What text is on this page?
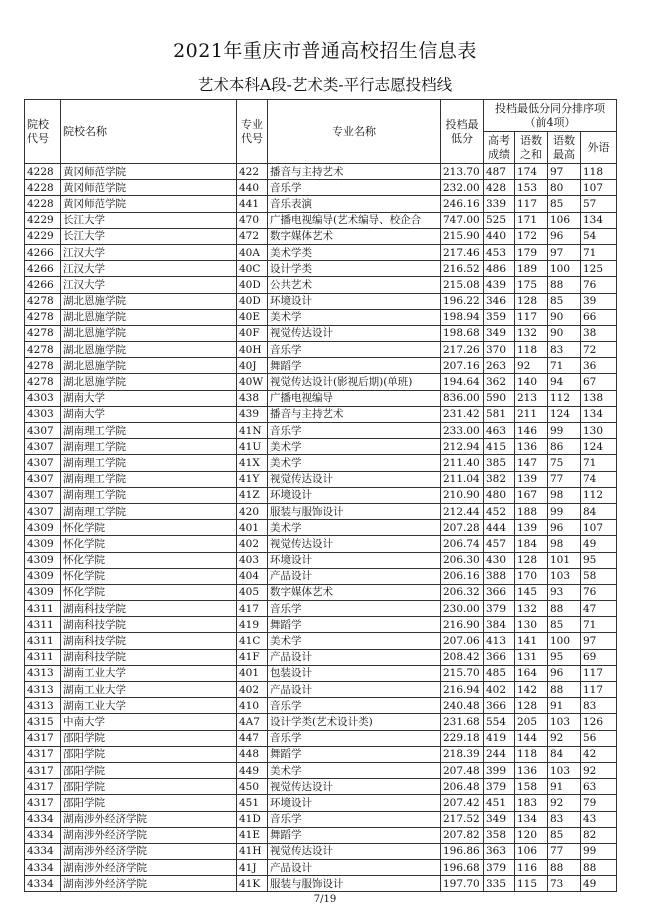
2021年重庆市普通高校招生信息表
艺术本科A段-艺术类-平行志愿投档线
院校代号	院校名称	专业代号	专业名称	投档最低分	投档最低分同分排序项（前4项）			
					高考成绩	语数之和	语数最高	外语
4228	黄冈师范学院	422	播音与主持艺术	213.70	487	174	97	118
4228	黄冈师范学院	440	音乐学	232.00	428	153	80	107
4228	黄冈师范学院	441	音乐表演	246.16	339	117	85	57
4229	长江大学	470	广播电视编导(艺术编导、校企合	747.00	525	171	106	134
4229	长江大学	472	数字媒体艺术	215.90	440	172	96	54
4266	江汉大学	40A	美术学类	217.46	453	179	97	71
4266	江汉大学	40C	设计学类	216.52	486	189	100	125
4266	江汉大学	40D	公共艺术	215.08	439	175	88	76
4278	湖北恩施学院	40D	环境设计	196.22	346	128	85	39
4278	湖北恩施学院	40E	美术学	198.94	359	117	90	66
4278	湖北恩施学院	40F	视觉传达设计	198.68	349	132	90	38
4278	湖北恩施学院	40H	音乐学	217.26	370	118	83	72
4278	湖北恩施学院	40J	舞蹈学	207.16	263	92	71	36
4278	湖北恩施学院	40W	视觉传达设计(影视后期)(单班)	194.64	362	140	94	67
4303	湖南大学	438	广播电视编导	836.00	590	213	112	138
4303	湖南大学	439	播音与主持艺术	231.42	581	211	124	134
4307	湖南理工学院	41N	音乐学	233.00	463	146	99	130
4307	湖南理工学院	41U	美术学	212.94	415	136	86	124
4307	湖南理工学院	41X	美术学	211.40	385	147	75	71
4307	湖南理工学院	41Y	视觉传达设计	211.04	382	139	77	74
4307	湖南理工学院	41Z	环境设计	210.90	480	167	98	112
4307	湖南理工学院	420	服装与服饰设计	212.44	452	188	99	84
4309	怀化学院	401	美术学	207.28	444	139	96	107
4309	怀化学院	402	视觉传达设计	206.74	457	184	98	49
4309	怀化学院	403	环境设计	206.30	430	128	101	95
4309	怀化学院	404	产品设计	206.16	388	170	103	58
4309	怀化学院	405	数字媒体艺术	206.32	366	145	93	76
4311	湖南科技学院	417	音乐学	230.00	379	132	88	47
4311	湖南科技学院	419	舞蹈学	216.90	384	130	85	71
4311	湖南科技学院	41C	美术学	207.06	413	141	100	97
4311	湖南科技学院	41F	产品设计	208.42	366	131	95	69
4313	湖南工业大学	401	包装设计	215.70	485	164	96	117
4313	湖南工业大学	402	产品设计	216.94	402	142	88	117
4313	湖南工业大学	410	音乐学	240.48	366	128	91	83
4315	中南大学	4A7	设计学类(艺术设计类)	231.68	554	205	103	126
4317	邵阳学院	447	音乐学	229.18	419	144	92	56
4317	邵阳学院	448	舞蹈学	218.39	244	118	84	42
4317	邵阳学院	449	美术学	207.48	399	136	103	92
4317	邵阳学院	450	视觉传达设计	206.48	379	158	91	63
4317	邵阳学院	451	环境设计	207.42	451	183	92	79
4334	湖南涉外经济学院	41D	音乐学	217.52	349	134	83	43
4334	湖南涉外经济学院	41E	舞蹈学	207.82	358	120	85	82
4334	湖南涉外经济学院	41H	视觉传达设计	196.86	363	106	77	99
4334	湖南涉外经济学院	41J	产品设计	196.68	379	116	88	88
4334	湖南涉外经济学院	41K	服装与服饰设计	197.70	335	115	73	49
7/19
